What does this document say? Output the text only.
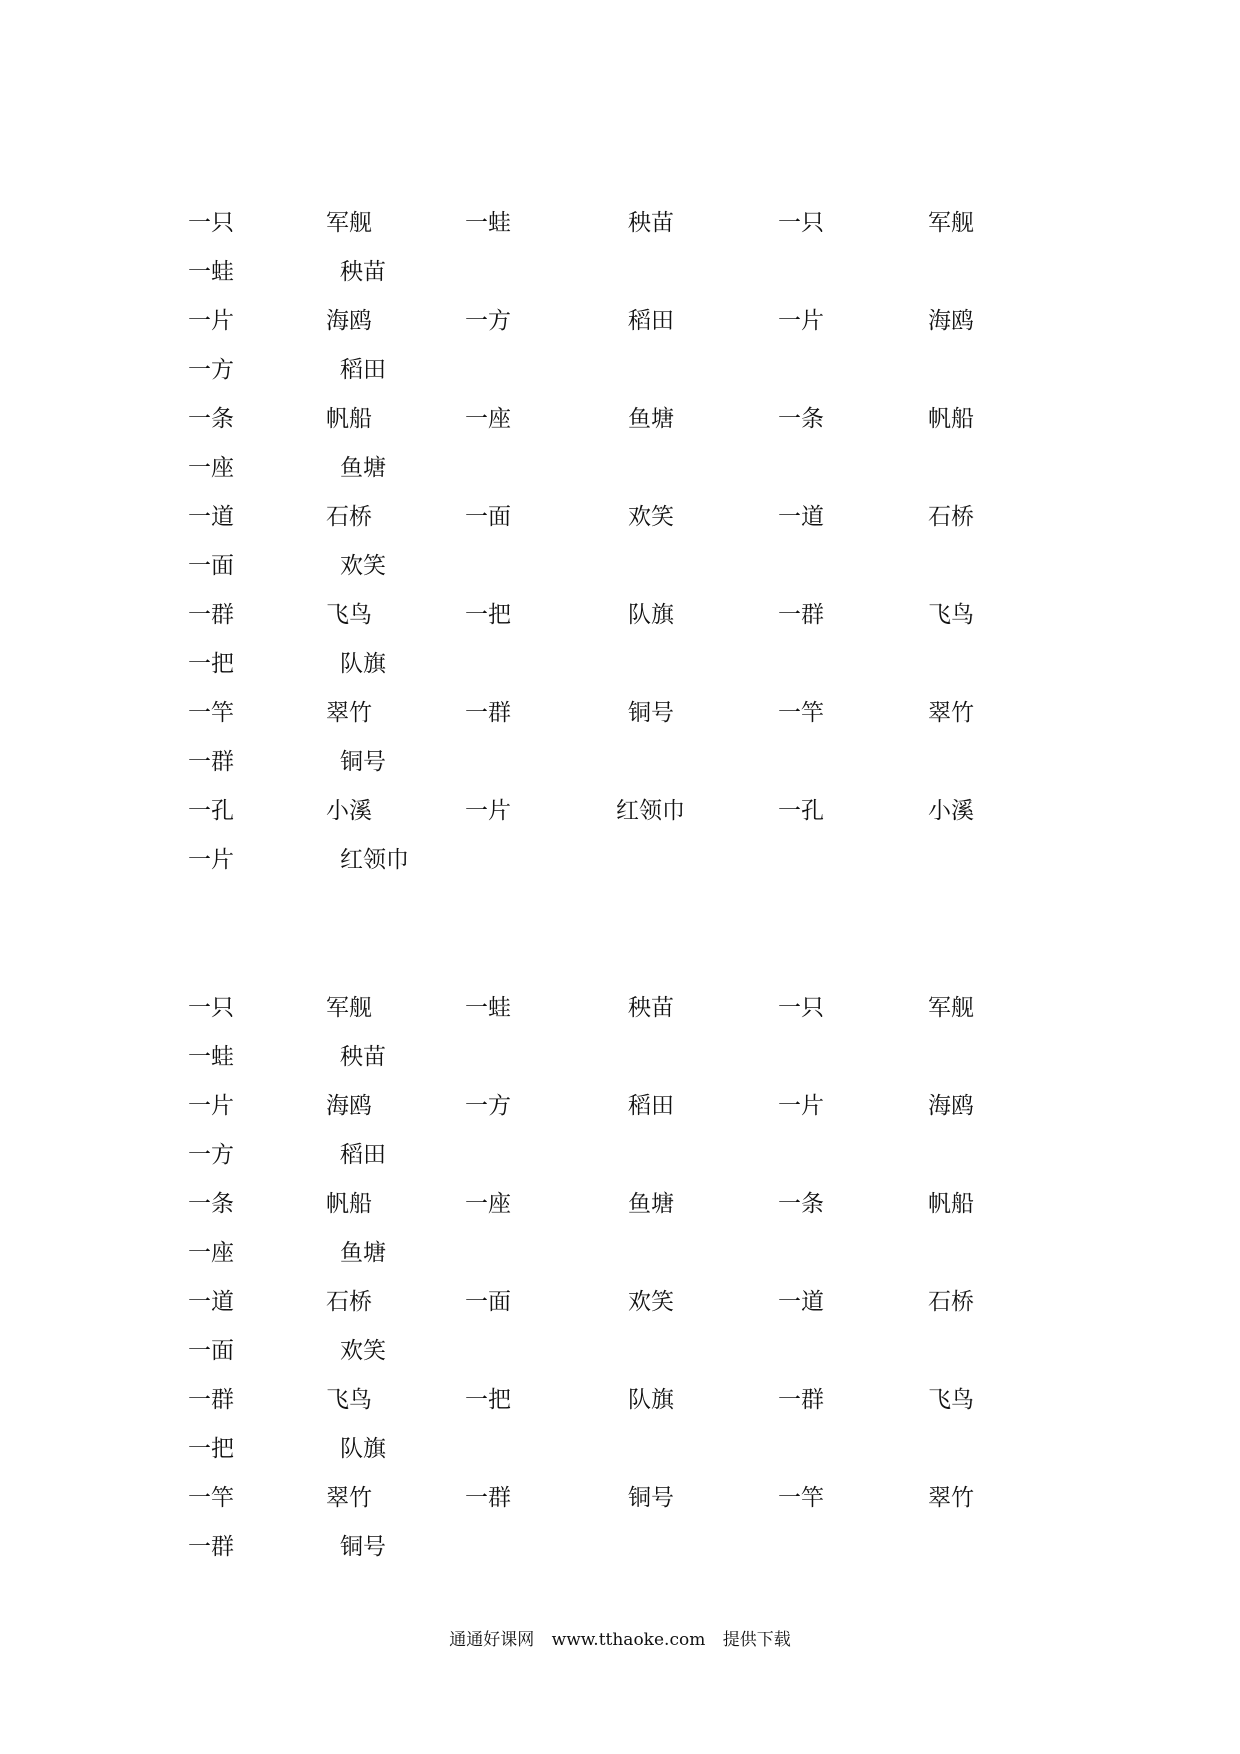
一只	军舰	一蛙	秧苗	一只	军舰
一蛙	秧苗
一片	海鸥	一方	稻田	一片	海鸥
一方	稻田
一条	帆船	一座	鱼塘	一条	帆船
一座	鱼塘
一道	石桥	一面	欢笑	一道	石桥
一面	欢笑
一群	飞鸟	一把	队旗	一群	飞鸟
一把	队旗
一竿	翠竹	一群	铜号	一竿	翠竹
一群	铜号
一孔	小溪	一片	红领巾	一孔	小溪
一片	红领巾
一只	军舰	一蛙	秧苗	一只	军舰
一蛙	秧苗
一片	海鸥	一方	稻田	一片	海鸥
一方	稻田
一条	帆船	一座	鱼塘	一条	帆船
一座	鱼塘
一道	石桥	一面	欢笑	一道	石桥
一面	欢笑
一群	飞鸟	一把	队旗	一群	飞鸟
一把	队旗
一竿	翠竹	一群	铜号	一竿	翠竹
一群	铜号
通通好课网 www.tthaoke.com 提供下载
